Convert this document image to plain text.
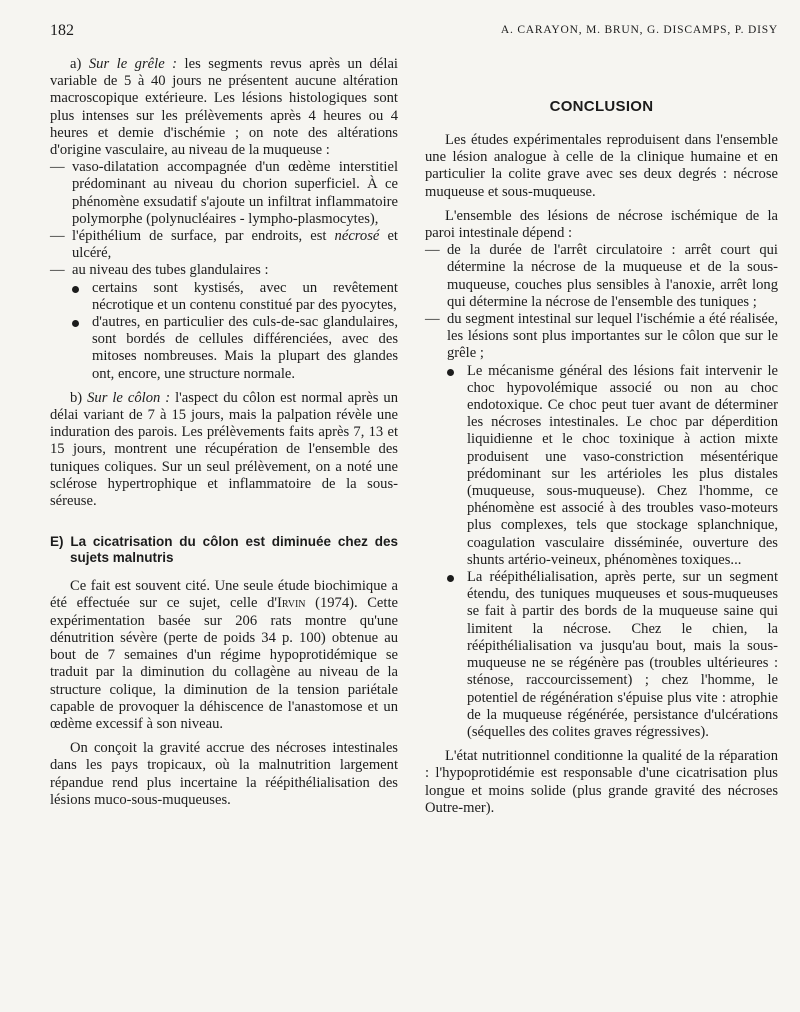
182	A. CARAYON, M. BRUN, G. DISCAMPS, P. DISY

a) Sur le grêle : les segments revus après un délai variable de 5 à 40 jours ne présentent aucune altération macroscopique extérieure. Les lésions histologiques sont plus intenses sur les prélèvements après 4 heures ou 4 heures et demie d'ischémie ; on note des altérations d'origine vasculaire, au niveau de la muqueuse :

— vaso-dilatation accompagnée d'un œdème interstitiel prédominant au niveau du chorion superficiel. À ce phénomène exsudatif s'ajoute un infiltrat inflammatoire polymorphe (polynucléaires - lympho-plasmocytes),
— l'épithélium de surface, par endroits, est nécrosé et ulcéré,
— au niveau des tubes glandulaires :
certains sont kystisés, avec un revêtement nécrotique et un contenu constitué par des pyocytes,
d'autres, en particulier des culs-de-sac glandulaires, sont bordés de cellules différenciées, avec des mitoses nombreuses. Mais la plupart des glandes ont, encore, une structure normale.

b) Sur le côlon : l'aspect du côlon est normal après un délai variant de 7 à 15 jours, mais la palpation révèle une induration des parois. Les prélèvements faits après 7, 13 et 15 jours, montrent une récupération de l'ensemble des tuniques coliques. Sur un seul prélèvement, on a noté une sclérose hypertrophique et inflammatoire de la sous-séreuse.

E) La cicatrisation du côlon est diminuée chez des sujets malnutris

Ce fait est souvent cité. Une seule étude biochimique a été effectuée sur ce sujet, celle d'Irvin (1974). Cette expérimentation basée sur 206 rats montre qu'une dénutrition sévère (perte de poids 34 p. 100) obtenue au bout de 7 semaines d'un régime hypoprotidémique se traduit par la diminution du collagène au niveau de la structure colique, la diminution de la tension pariétale capable de provoquer la déhiscence de l'anastomose et un œdème excessif à son niveau.

On conçoit la gravité accrue des nécroses intestinales dans les pays tropicaux, où la malnutrition largement répandue rend plus incertaine la réépithélialisation des lésions muco-sous-muqueuses.

CONCLUSION

Les études expérimentales reproduisent dans l'ensemble une lésion analogue à celle de la clinique humaine et en particulier la colite grave avec ses deux degrés : nécrose muqueuse et sous-muqueuse.

L'ensemble des lésions de nécrose ischémique de la paroi intestinale dépend :

— de la durée de l'arrêt circulatoire : arrêt court qui détermine la nécrose de la muqueuse et de la sous-muqueuse, couches plus sensibles à l'anoxie, arrêt long qui détermine la nécrose de l'ensemble des tuniques ;
— du segment intestinal sur lequel l'ischémie a été réalisée, les lésions sont plus importantes sur le côlon que sur le grêle ;
Le mécanisme général des lésions fait intervenir le choc hypovolémique associé ou non au choc endotoxique. Ce choc peut tuer avant de déterminer les nécroses intestinales. Le choc par déperdition liquidienne et le choc toxinique à action mixte produisent une vaso-constriction mésentérique prédominant sur les artérioles les plus distales (muqueuse, sous-muqueuse). Chez l'homme, ce phénomène est associé à des troubles vaso-moteurs plus complexes, tels que stockage splanchnique, coagulation vasculaire disséminée, ouverture des shunts artério-veineux, phénomènes toxiques...
La réépithélialisation, après perte, sur un segment étendu, des tuniques muqueuses et sous-muqueuses se fait à partir des bords de la muqueuse saine qui limitent la nécrose. Chez le chien, la réépithélialisation va jusqu'au bout, mais la sous-muqueuse ne se régénère pas (troubles ultérieures : sténose, raccourcissement) ; chez l'homme, le potentiel de régénération s'épuise plus vite : atrophie de la muqueuse régénérée, persistance d'ulcérations (séquelles des colites graves régressives).

L'état nutritionnel conditionne la qualité de la réparation : l'hypoprotidémie est responsable d'une cicatrisation plus longue et moins solide (plus grande gravité des nécroses Outre-mer).
